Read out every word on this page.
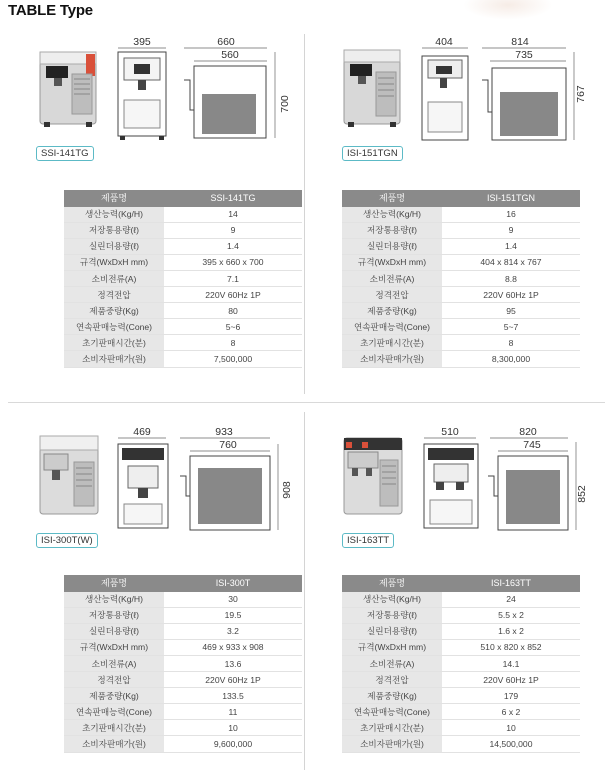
TABLE Type
SSI-141TG
395	660
560
700
제품명	SSI-141TG
생산능력(Kg/H)	14
저장통용량(ℓ)	9
실린더용량(ℓ)	1.4
규격(WxDxH mm)	395 x 660 x 700
소비전류(A)	7.1
정격전압	220V 60Hz 1P
제품중량(Kg)	80
연속판매능력(Cone)	5~6
초기판매시간(분)	8
소비자판매가(원)	7,500,000
ISI-151TGN
404	814
735
767
제품명	ISI-151TGN
생산능력(Kg/H)	16
저장통용량(ℓ)	9
실린더용량(ℓ)	1.4
규격(WxDxH mm)	404 x 814 x 767
소비전류(A)	8.8
정격전압	220V 60Hz 1P
제품중량(Kg)	95
연속판매능력(Cone)	5~7
초기판매시간(분)	8
소비자판매가(원)	8,300,000
ISI-300T(W)
469	933
760
908
제품명	ISI-300T
생산능력(Kg/H)	30
저장통용량(ℓ)	19.5
실린더용량(ℓ)	3.2
규격(WxDxH mm)	469 x 933 x 908
소비전류(A)	13.6
정격전압	220V 60Hz 1P
제품중량(Kg)	133.5
연속판매능력(Cone)	11
초기판매시간(분)	10
소비자판매가(원)	9,600,000
ISI-163TT
510	820
745
852
제품명	ISI-163TT
생산능력(Kg/H)	24
저장통용량(ℓ)	5.5 x 2
실린더용량(ℓ)	1.6 x 2
규격(WxDxH mm)	510 x 820 x 852
소비전류(A)	14.1
정격전압	220V 60Hz 1P
제품중량(Kg)	179
연속판매능력(Cone)	6 x 2
초기판매시간(분)	10
소비자판매가(원)	14,500,000
